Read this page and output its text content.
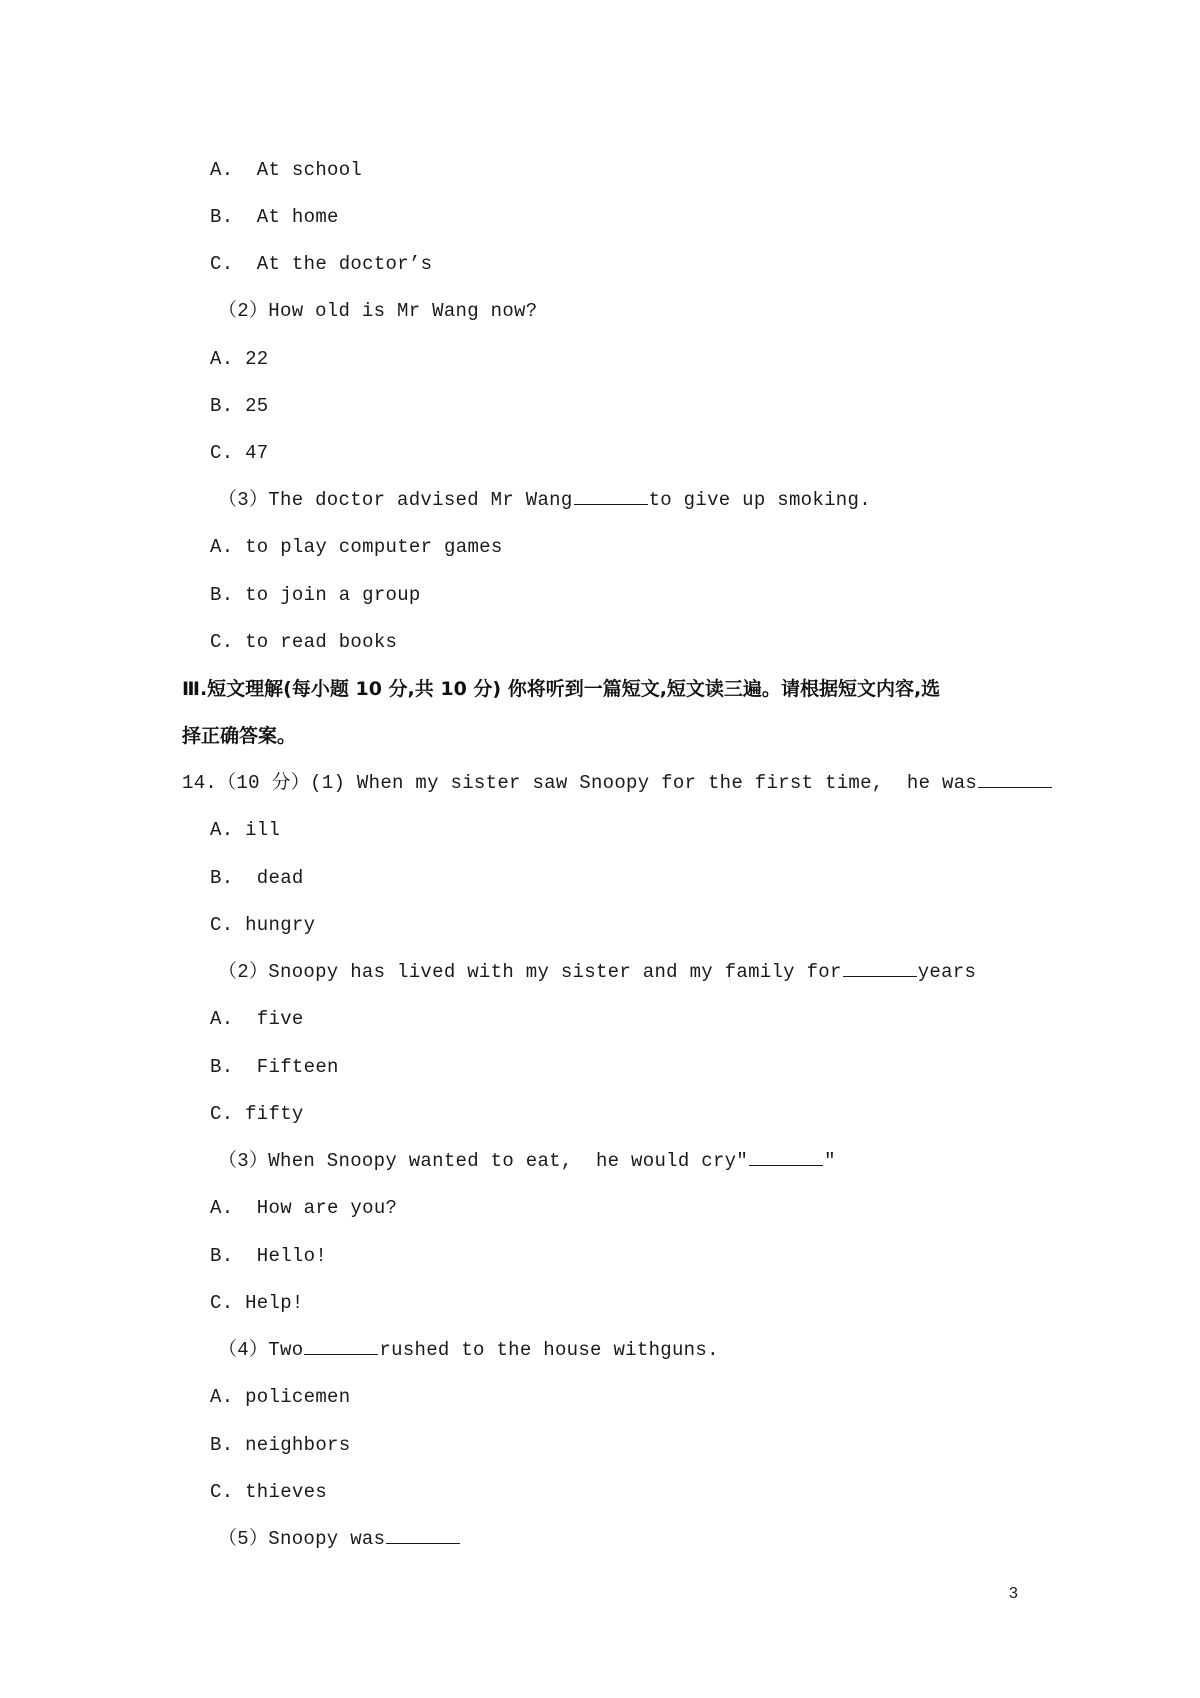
A.  At school
B.  At home
C.  At the doctor’s
（2）How old is Mr Wang now?
A. 22
B. 25
C. 47
（3）The doctor advised Mr Wang	to give up smoking.
A. to play computer games
B. to join a group
C. to read books
Ⅲ.短文理解(每小题 10 分,共 10 分) 你将听到一篇短文,短文读三遍。请根据短文内容,选
择正确答案。
14.（10 分）(1) When my sister saw Snoopy for the first time,  he was
A. ill
B.  dead
C. hungry
（2）Snoopy has lived with my sister and my family for	years
A.  five
B.  Fifteen
C. fifty
（3）When Snoopy wanted to eat,  he would cry"	"
A.  How are you?
B.  Hello!
C. Help!
（4）Two	rushed to the house withguns.
A. policemen
B. neighbors
C. thieves
（5）Snoopy was
3
